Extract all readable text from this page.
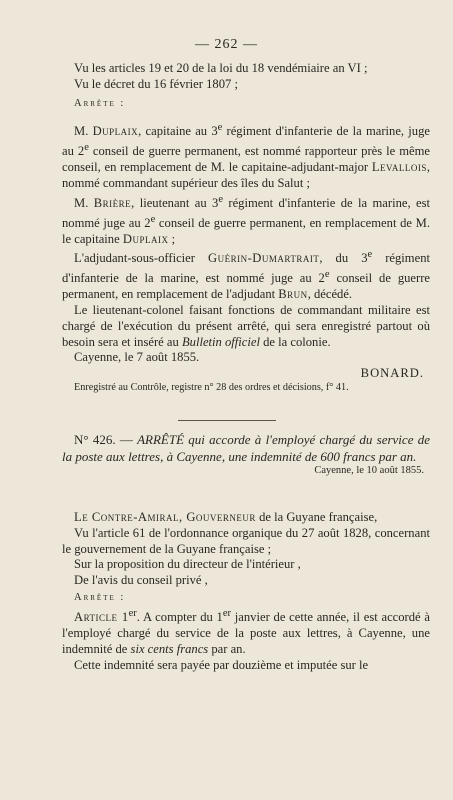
— 262 —

Vu les articles 19 et 20 de la loi du 18 vendémiaire an VI ;

Vu le décret du 16 février 1807 ;

Arrête :

M. Duplaix, capitaine au 3e régiment d'infanterie de la marine, juge au 2e conseil de guerre permanent, est nommé rapporteur près le même conseil, en remplacement de M. le capitaine-adjudant-major Levallois, nommé commandant supérieur des îles du Salut ;

M. Brière, lieutenant au 3e régiment d'infanterie de la marine, est nommé juge au 2e conseil de guerre permanent, en remplacement de M. le capitaine Duplaix ;

L'adjudant-sous-officier Guérin-Dumartrait, du 3e régiment d'infanterie de la marine, est nommé juge au 2e conseil de guerre permanent, en remplacement de l'adjudant Brun, décédé.

Le lieutenant-colonel faisant fonctions de commandant militaire est chargé de l'exécution du présent arrêté, qui sera enregistré partout où besoin sera et inséré au Bulletin officiel de la colonie.

Cayenne, le 7 août 1855.

BONARD.

Enregistré au Contrôle, registre n° 28 des ordres et décisions, f° 41.

N° 426. — ARRÊTÉ qui accorde à l'employé chargé du service de la poste aux lettres, à Cayenne, une indemnité de 600 francs par an.

Cayenne, le 10 août 1855.

Le Contre-Amiral, Gouverneur de la Guyane française,

Vu l'article 61 de l'ordonnance organique du 27 août 1828, concernant le gouvernement de la Guyane française ;

Sur la proposition du directeur de l'intérieur ,

De l'avis du conseil privé ,

Arrête :

Article 1er. A compter du 1er janvier de cette année, il est accordé à l'employé chargé du service de la poste aux lettres, à Cayenne, une indemnité de six cents francs par an.

Cette indemnité sera payée par douzième et imputée sur le
